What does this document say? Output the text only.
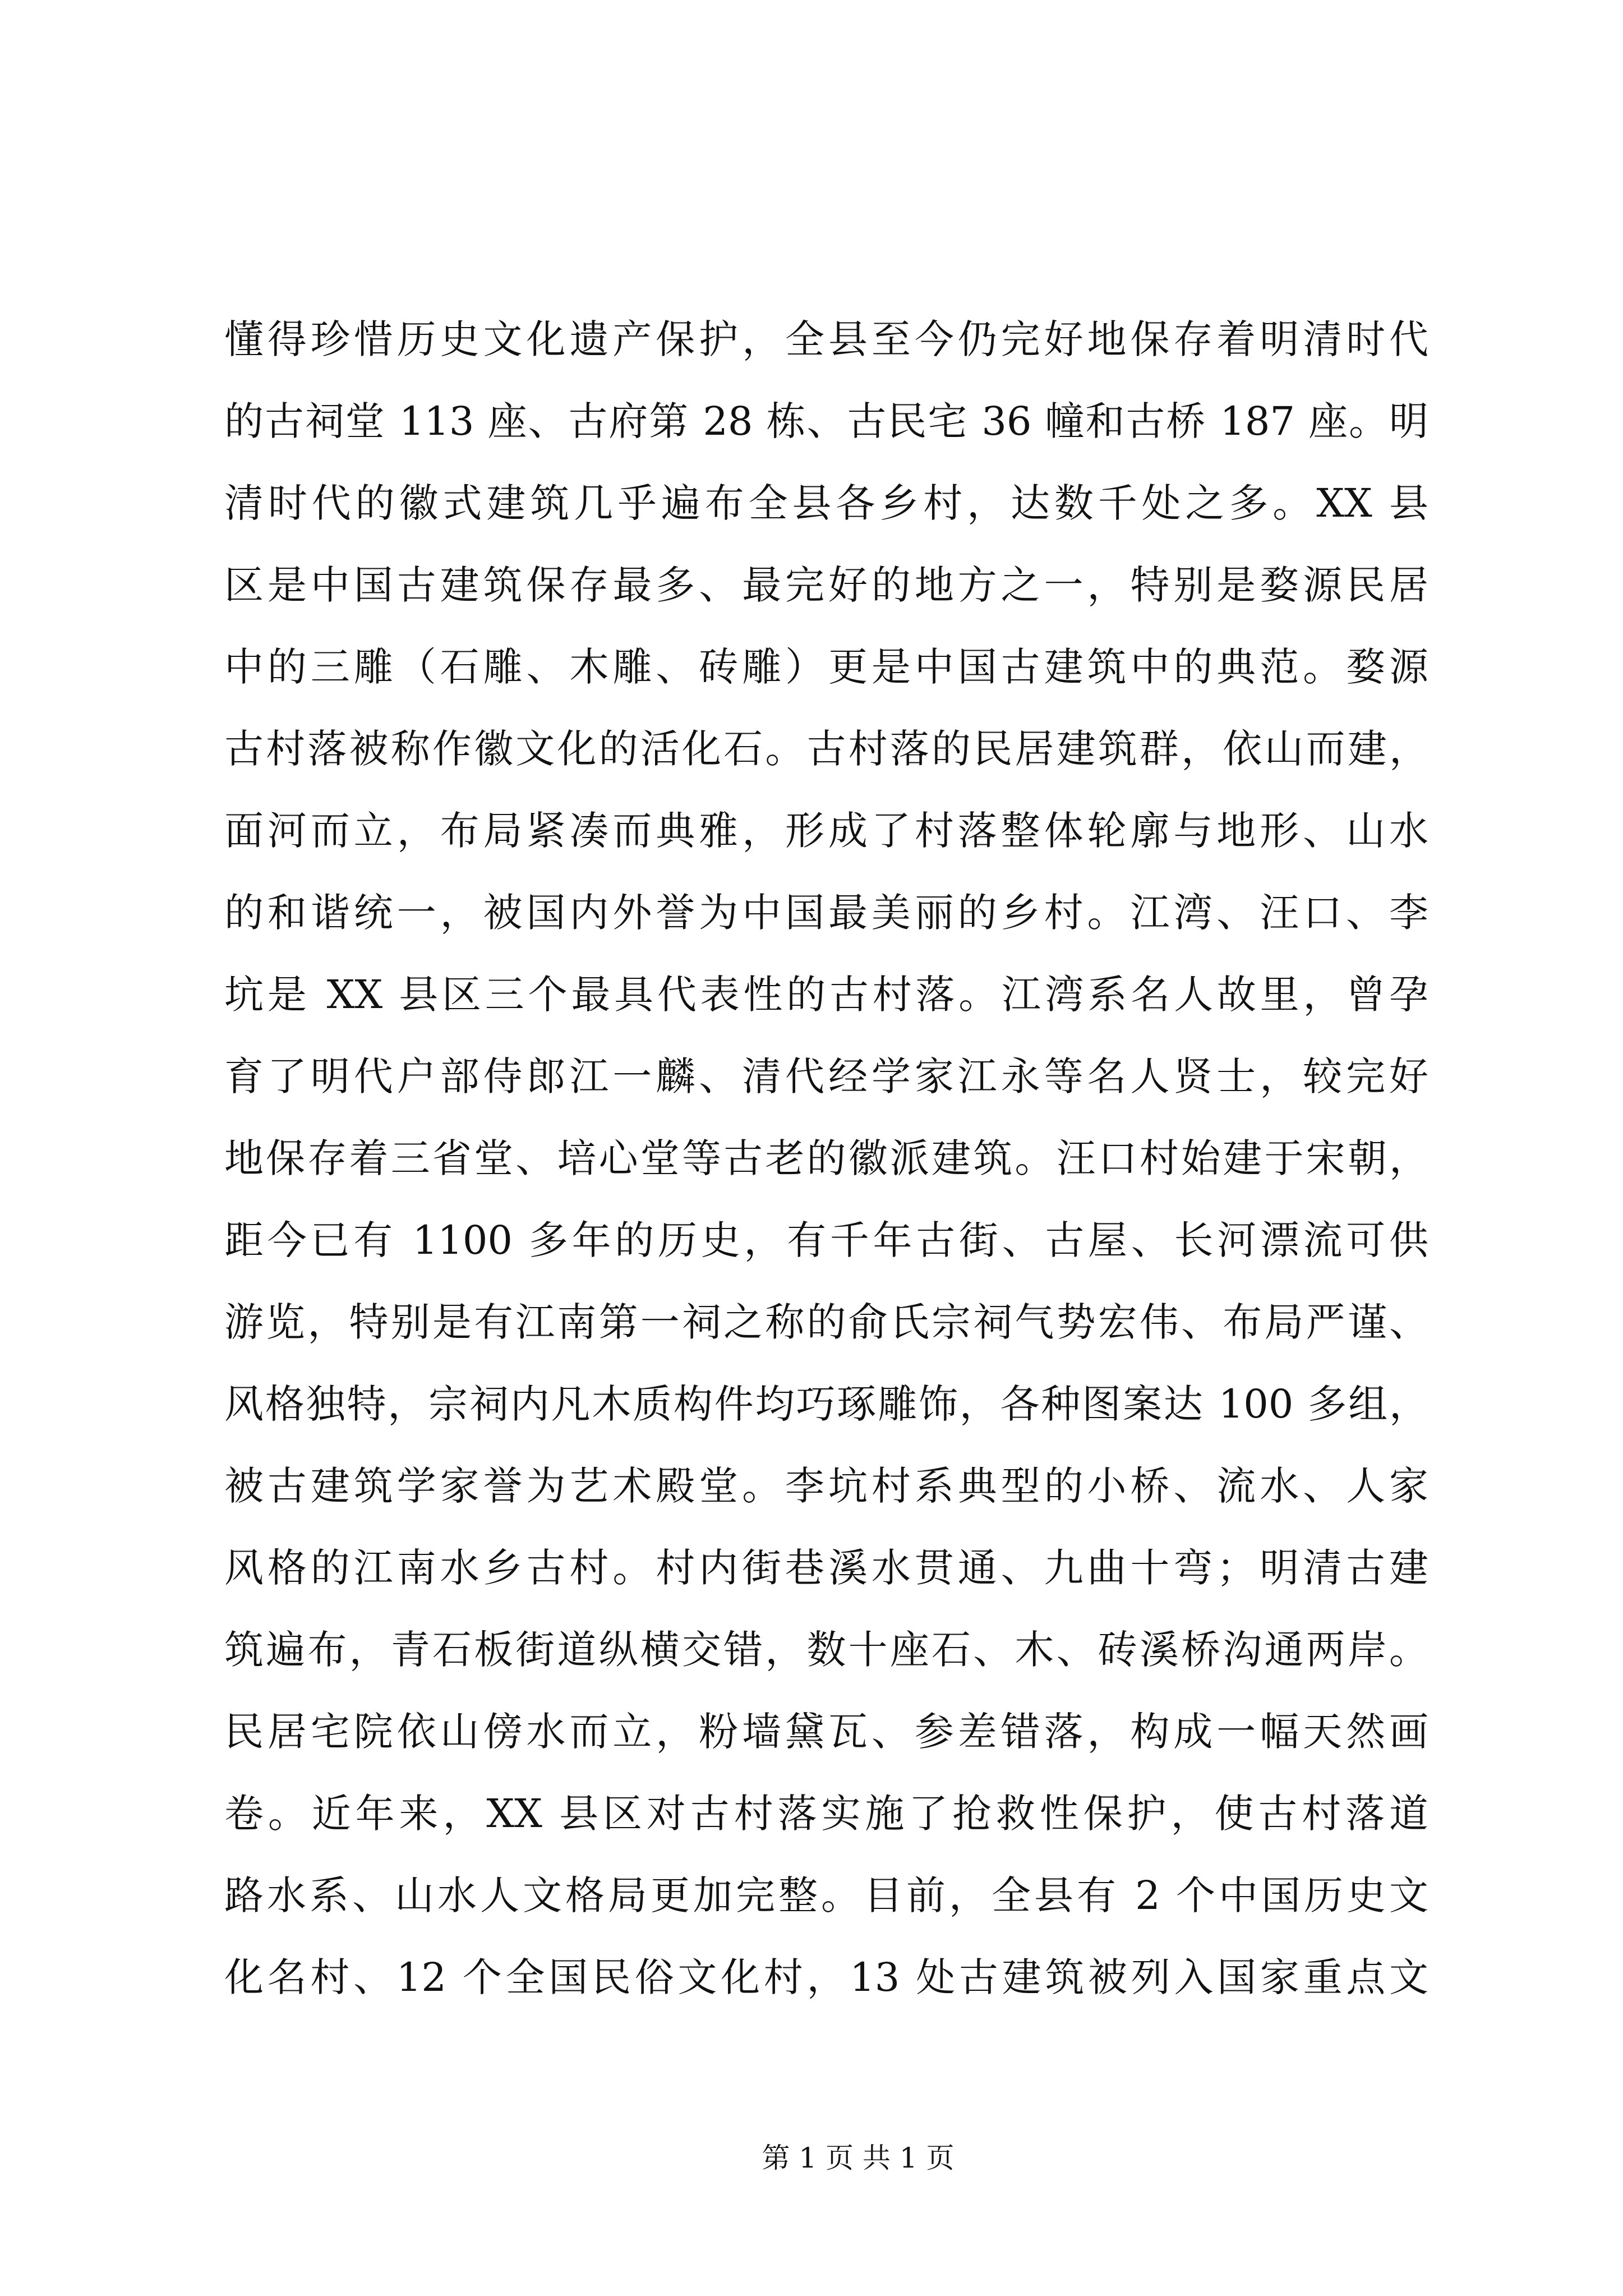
懂得珍惜历史文化遗产保护，全县至今仍完好地保存着明清时代
的古祠堂 113 座、古府第 28 栋、古民宅 36 幢和古桥 187 座。明
清时代的徽式建筑几乎遍布全县各乡村，达数千处之多。XX 县
区是中国古建筑保存最多、最完好的地方之一，特别是婺源民居
中的三雕（石雕、木雕、砖雕）更是中国古建筑中的典范。婺源
古村落被称作徽文化的活化石。古村落的民居建筑群，依山而建，
面河而立，布局紧凑而典雅，形成了村落整体轮廓与地形、山水
的和谐统一，被国内外誉为中国最美丽的乡村。江湾、汪口、李
坑是 XX 县区三个最具代表性的古村落。江湾系名人故里，曾孕
育了明代户部侍郎江一麟、清代经学家江永等名人贤士，较完好
地保存着三省堂、培心堂等古老的徽派建筑。汪口村始建于宋朝，
距今已有 1100 多年的历史，有千年古街、古屋、长河漂流可供
游览，特别是有江南第一祠之称的俞氏宗祠气势宏伟、布局严谨、
风格独特，宗祠内凡木质构件均巧琢雕饰，各种图案达 100 多组，
被古建筑学家誉为艺术殿堂。李坑村系典型的小桥、流水、人家
风格的江南水乡古村。村内街巷溪水贯通、九曲十弯；明清古建
筑遍布，青石板街道纵横交错，数十座石、木、砖溪桥沟通两岸。
民居宅院依山傍水而立，粉墙黛瓦、参差错落，构成一幅天然画
卷。近年来，XX 县区对古村落实施了抢救性保护，使古村落道
路水系、山水人文格局更加完整。目前，全县有 2 个中国历史文
化名村、12 个全国民俗文化村，13 处古建筑被列入国家重点文
第 1 页 共 1 页
